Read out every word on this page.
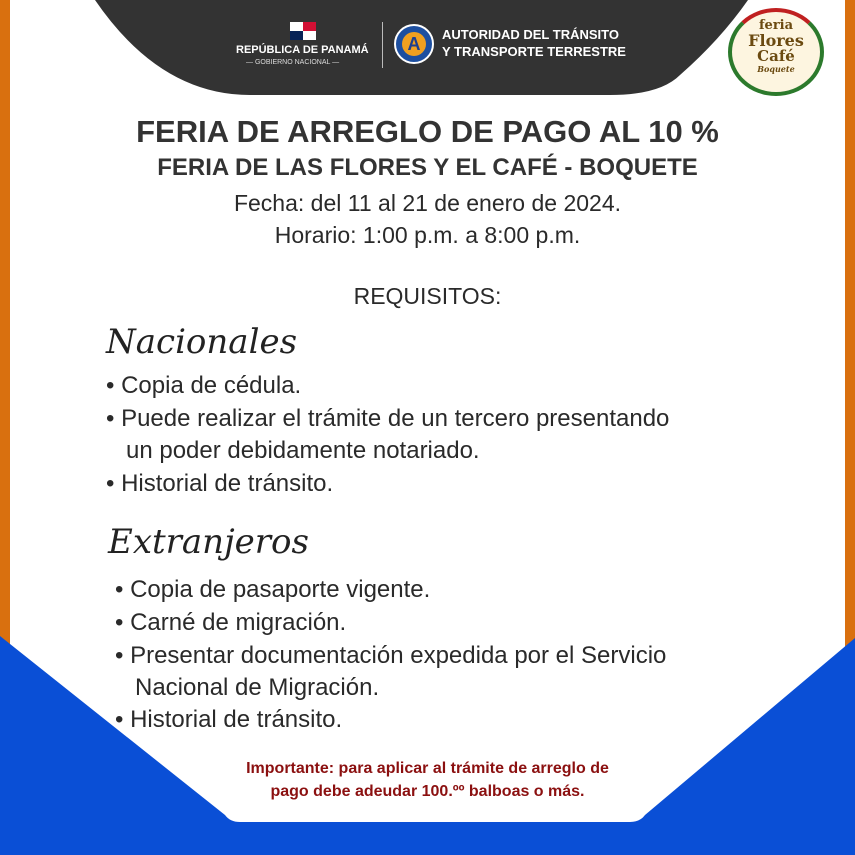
REPÚBLICA DE PANAMÁ
— GOBIERNO NACIONAL —
A	AUTORIDAD DEL TRÁNSITO
Y TRANSPORTE TERRESTRE
feria
Flores
Café
Boquete
FERIA DE ARREGLO DE PAGO AL 10 %
FERIA DE LAS FLORES Y EL CAFÉ - BOQUETE
Fecha: del 11 al 21 de enero de 2024.
Horario: 1:00 p.m. a 8:00 p.m.
REQUISITOS:
Nacionales
• Copia de cédula.
• Puede realizar el trámite de un tercero presentando
un poder debidamente notariado.
• Historial de tránsito.
Extranjeros
• Copia de pasaporte vigente.
• Carné de migración.
• Presentar documentación expedida por el Servicio
Nacional de Migración.
• Historial de tránsito.
Importante: para aplicar al trámite de arreglo de
pago debe adeudar 100.ºº balboas o más.
